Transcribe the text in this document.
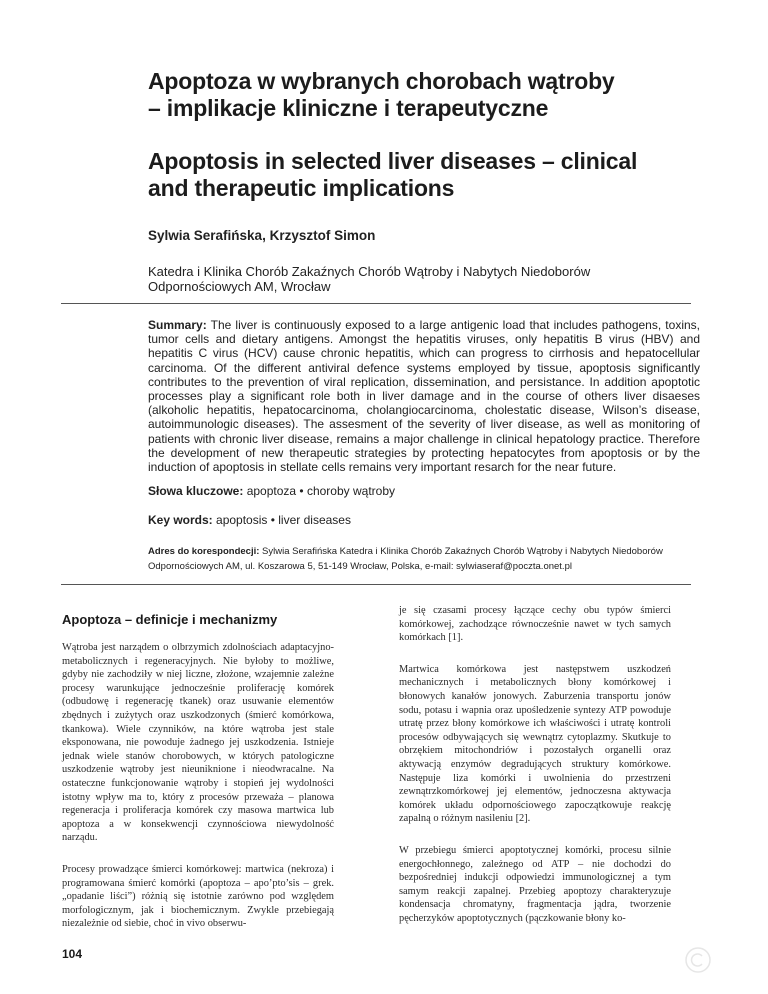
Apoptoza w wybranych chorobach wątroby
– implikacje kliniczne i terapeutyczne
Apoptosis in selected liver diseases – clinical
and therapeutic implications
Sylwia Serafińska, Krzysztof Simon
Katedra i Klinika Chorób Zakaźnych Chorób Wątroby i Nabytych Niedoborów
Odpornościowych AM, Wrocław
Summary: The liver is continuously exposed to a large antigenic load that includes pathogens, toxins, tumor cells and dietary antigens. Amongst the hepatitis viruses, only hepatitis B virus (HBV) and hepatitis C virus (HCV) cause chronic hepatitis, which can progress to cirrhosis and hepatocellular carcinoma. Of the different antiviral defence systems employed by tissue, apoptosis significantly contributes to the prevention of viral replication, dissemination, and persistance. In addition apoptotic processes play a significant role both in liver damage and in the course of others liver disaeses (alkoholic hepatitis, hepatocarcinoma, cholangiocarcinoma, cholestatic disease, Wilson’s disease, autoimmunologic diseases). The assesment of the severity of liver disease, as well as monitoring of patients with chronic liver disease, remains a major challenge in clinical hepatology practice. Therefore the development of new therapeutic strategies by protecting hepatocytes from apoptosis or by the induction of apoptosis in stellate cells remains very important resarch for the near future.
Słowa kluczowe: apoptoza • choroby wątroby
Key words: apoptosis • liver diseases
Adres do korespondecji: Sylwia Serafińska Katedra i Klinika Chorób Zakaźnych Chorób Wątroby i Nabytych Niedoborów Odpornościowych AM, ul. Koszarowa 5, 51-149 Wrocław, Polska, e-mail: sylwiaseraf@poczta.onet.pl
Apoptoza – definicje i mechanizmy

Wątroba jest narządem o olbrzymich zdolnościach adaptacyjno-metabolicznych i regeneracyjnych. Nie byłoby to możliwe, gdyby nie zachodziły w niej liczne, złożone, wzajemnie zależne procesy warunkujące jednocześnie proliferację komórek (odbudowę i regenerację tkanek) oraz usuwanie elementów zbędnych i zużytych oraz uszkodzonych (śmierć komórkowa, tkankowa). Wiele czynników, na które wątroba jest stale eksponowana, nie powoduje żadnego jej uszkodzenia. Istnieje jednak wiele stanów chorobowych, w których patologiczne uszkodzenie wątroby jest nieuniknione i nieodwracalne. Na ostateczne funkcjonowanie wątroby i stopień jej wydolności istotny wpływ ma to, który z procesów przeważa – planowa regeneracja i proliferacja komórek czy masowa martwica lub apoptoza a w konsekwencji czynnościowa niewydolność narządu.

Procesy prowadzące śmierci komórkowej: martwica (nekroza) i programowana śmierć komórki (apoptoza – apo’pto’sis – grek. „opadanie liści”) różnią się istotnie zarówno pod względem morfologicznym, jak i biochemicznym. Zwykle przebiegają niezależnie od siebie, choć in vivo obserwu-

je się czasami procesy łączące cechy obu typów śmierci komórkowej, zachodzące równocześnie nawet w tych samych komórkach [1].

Martwica komórkowa jest następstwem uszkodzeń mechanicznych i metabolicznych błony komórkowej i błonowych kanałów jonowych. Zaburzenia transportu jonów sodu, potasu i wapnia oraz upośledzenie syntezy ATP powoduje utratę przez błony komórkowe ich właściwości i utratę kontroli procesów odbywających się wewnątrz cytoplazmy. Skutkuje to obrzękiem mitochondriów i pozostałych organelli oraz aktywacją enzymów degradujących struktury komórkowe. Następuje liza komórki i uwolnienia do przestrzeni zewnątrzkomórkowej jej elementów, jednoczesna aktywacja komórek układu odpornościowego zapoczątkowuje reakcję zapalną o różnym nasileniu [2].

W przebiegu śmierci apoptotycznej komórki, procesu silnie energochłonnego, zależnego od ATP – nie dochodzi do bezpośredniej indukcji odpowiedzi immunologicznej a tym samym reakcji zapalnej. Przebieg apoptozy charakteryzuje kondensacja chromatyny, fragmentacja jądra, tworzenie pęcherzyków apoptotycznych (pączkowanie błony ko-

104
